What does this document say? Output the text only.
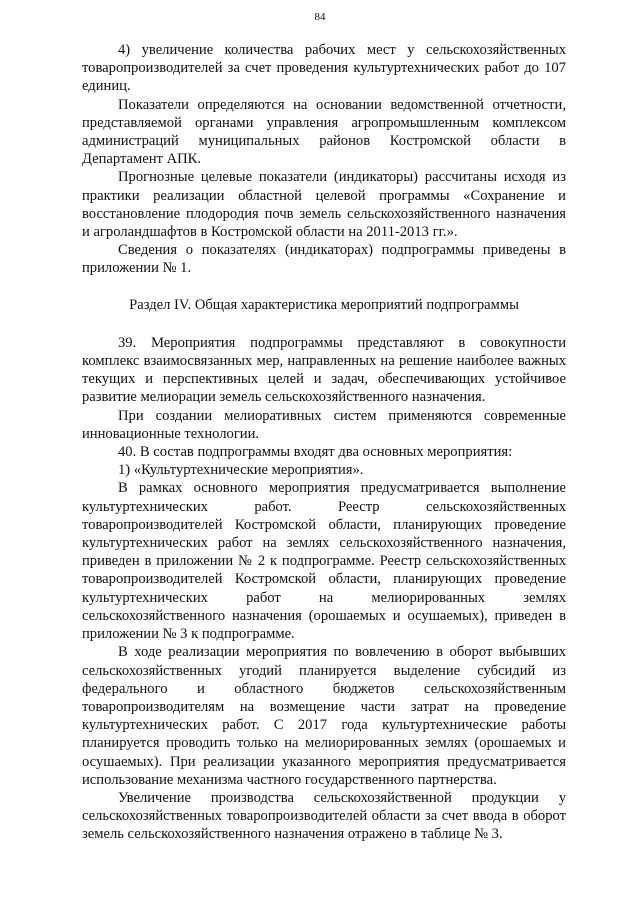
84

4) увеличение количества рабочих мест у сельскохозяйственных товаропроизводителей за счет проведения культуртехнических работ до 107 единиц.

Показатели определяются на основании ведомственной отчетности, представляемой органами управления агропромышленным комплексом администраций муниципальных районов Костромской области в Департамент АПК.

Прогнозные целевые показатели (индикаторы) рассчитаны исходя из практики реализации областной целевой программы «Сохранение и восстановление плодородия почв земель сельскохозяйственного назначения и агроландшафтов в Костромской области на 2011-2013 гг.».

Сведения о показателях (индикаторах) подпрограммы приведены в приложении № 1.

Раздел IV. Общая характеристика мероприятий подпрограммы

39. Мероприятия подпрограммы представляют в совокупности комплекс взаимосвязанных мер, направленных на решение наиболее важных текущих и перспективных целей и задач, обеспечивающих устойчивое развитие мелиорации земель сельскохозяйственного назначения.

При создании мелиоративных систем применяются современные инновационные технологии.

40. В состав подпрограммы входят два основных мероприятия:

1) «Культуртехнические мероприятия».

В рамках основного мероприятия предусматривается выполнение культуртехнических работ. Реестр сельскохозяйственных товаропроизводителей Костромской области, планирующих проведение культуртехнических работ на землях сельскохозяйственного назначения, приведен в приложении № 2 к подпрограмме. Реестр сельскохозяйственных товаропроизводителей Костромской области, планирующих проведение культуртехнических работ на мелиорированных землях сельскохозяйственного назначения (орошаемых и осушаемых), приведен в приложении № 3 к подпрограмме.

В ходе реализации мероприятия по вовлечению в оборот выбывших сельскохозяйственных угодий планируется выделение субсидий из федерального и областного бюджетов сельскохозяйственным товаропроизводителям на возмещение части затрат на проведение культуртехнических работ. С 2017 года культуртехнические работы планируется проводить только на мелиорированных землях (орошаемых и осушаемых). При реализации указанного мероприятия предусматривается использование механизма частного государственного партнерства.

Увеличение производства сельскохозяйственной продукции у сельскохозяйственных товаропроизводителей области за счет ввода в оборот земель сельскохозяйственного назначения отражено в таблице № 3.
